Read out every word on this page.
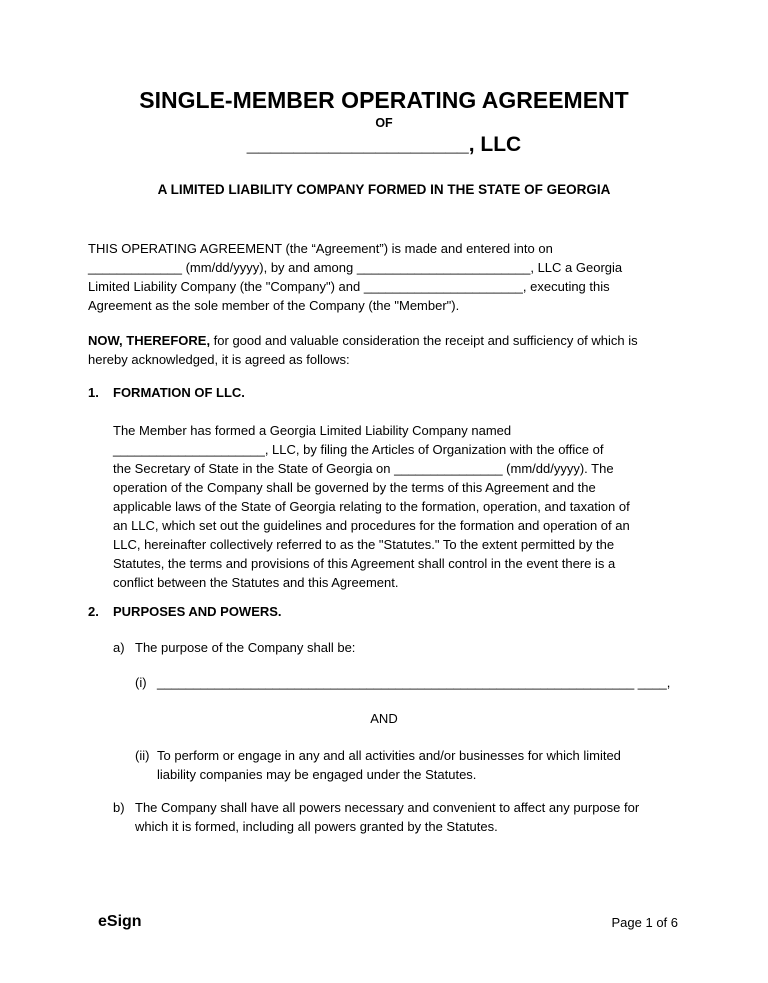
SINGLE-MEMBER OPERATING AGREEMENT
OF
___________________, LLC
A LIMITED LIABILITY COMPANY FORMED IN THE STATE OF GEORGIA
THIS OPERATING AGREEMENT (the “Agreement”) is made and entered into on
_____________ (mm/dd/yyyy), by and among ________________________, LLC a Georgia
Limited Liability Company (the "Company") and ______________________, executing this
Agreement as the sole member of the Company (the "Member").
NOW, THEREFORE, for good and valuable consideration the receipt and sufficiency of which is
hereby acknowledged, it is agreed as follows:
1.	FORMATION OF LLC.
The Member has formed a Georgia Limited Liability Company named
_____________________, LLC, by filing the Articles of Organization with the office of
the Secretary of State in the State of Georgia on _______________ (mm/dd/yyyy). The
operation of the Company shall be governed by the terms of this Agreement and the
applicable laws of the State of Georgia relating to the formation, operation, and taxation of
an LLC, which set out the guidelines and procedures for the formation and operation of an
LLC, hereinafter collectively referred to as the "Statutes." To the extent permitted by the
Statutes, the terms and provisions of this Agreement shall control in the event there is a
conflict between the Statutes and this Agreement.
2.	PURPOSES AND POWERS.
a) The purpose of the Company shall be:
(i) __________________________________________________________________ ____,
AND
(ii) To perform or engage in any and all activities and/or businesses for which limited
liability companies may be engaged under the Statutes.
b) The Company shall have all powers necessary and convenient to affect any purpose for
which it is formed, including all powers granted by the Statutes.
eSign	Page 1 of 6
